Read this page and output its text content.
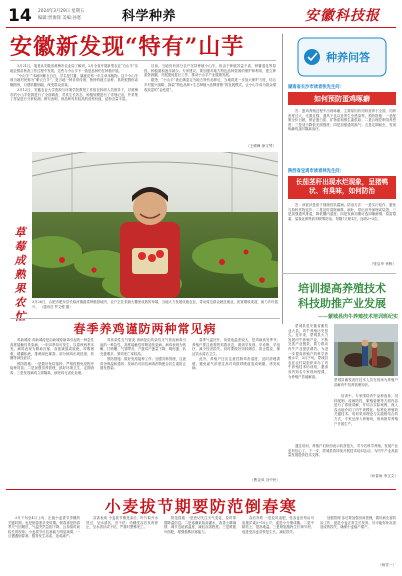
14 2024年3月29日 星期五
编辑:贾俊锋 美编:孙寒	科学种养	安徽科技报
安徽新发现“特有”山芋

3月21日，笔者从安徽省黄梅市农业局了解到，2月全省开展新型农业“白山芋”实地农情苗核查工作过程中发现，这些与小山芋不一致是品种仍在种植开展。

“小山芋”“本地叫紫衣白白，学名是甘薯，属旋花科一年生草本植物。这个小山芋被当地村民称为“紫衣白芋”，是当地一种非常传统、独特的地方品种，其块根圆形或椭圆形，口感软糯细腻，深受群众喜欢。

3月12日，安徽农业大学资源与环境学院教授工作组在科研人员指导下，对黄梅市的小山芋资源进行了全面调查，对其生长状态、种植规模进行了详细记录，并采集了样品进行分析检测。研究表明，该品种具有较高的营养价值，淀粉含量丰富。

目前，当地仍有部分农户坚持种植小山芋，但由于种植效益不高、种薯退化等原因，种植面积逐年减少。专家建议，要加强对地方特色品种资源的保护和利用，建立种质资源圃，开展提纯复壮工作，推动小山芋产业健康发展。

据悉，“小山芋”被正确鉴定为地方特有品种后，当地将进一步加大保护力度，结合乡村振兴战略，探索“特色品种+生态种植+品牌营销”的发展模式，让小山芋成为群众增收致富的“金疙瘩”。

（王俊峰 徐文琴）
草莓成熟果农忙
3月26日，合肥市肥东县长临河镇蔬菜种植基地内，农户正在采摘大棚里成熟的草莓，当地大力发展设施农业，带动周边群众就近就业，拓宽增收渠道，助力乡村振兴。 （通讯员 罗文俊 摄）
种养问答
湖南省长沙市读者张先生问：
如何预防蛋鸡啄癖

答：蛋鸡养殖过程中出现啄癖，主要原因有饲料营养不全面、饲养密度过大、光照过强、通风不良以及寄生虫感染等。预防措施：一是配制全价日粮，保证蛋白质、矿物质和维生素供给；二是合理控制饲养密度；三是适当降低光照强度；四是加强通风换气；五是定期驱虫，发现啄癖鸡及时隔离治疗。

陕西省宝鸡市读者林先生问：
长茄茎秆出现水烂现象，呈猪鸭状、有臭味，如何防治

答：该症状是茄子细菌性软腐病。防治方法：一是实行轮作，避免与茄科作物连作；二是及时清除病株、病叶，带出田外深埋或烧毁；三是加强通风排湿，降低棚内湿度；四是发病初期可选用噻菌铜、春雷霉素、氢氧化铜等药剂喷雾防治，每隔7天喷1次，连喷2~3次。

（张启华 审核）
培训提高养殖技术
科技助推产业发展
——蒙城县肉牛养殖技术培训班纪实

蒙城县是安徽省畜牧业大县，肉牛养殖历史悠久。近年来，蒙城县大力发展肉牛养殖产业，不断完善产业链条，着力推动肉牛产业提质增效。为进一步提高养殖户的科学养殖水平，3月下旬，蒙城县农业农村局组织举办了肉牛养殖技术培训班，邀请省内知名专家现场授课，为养殖户答疑解惑。

蒙城县畜牧兽医技术人员在现场为养殖户讲解肉牛饲养管理知识。

培训中，专家围绕肉牛品种选育、饲料配制、疫病防控、繁殖管理等方面内容进行了系统讲解，并结合实际案例，深入浅出地介绍了肉牛规模化、标准化养殖的关键技术。培训采用理论与实践相结合的方式，专家还深入养殖场，现场指导养殖户开展生产。

通过培训，养殖户们纷纷表示收获很大，对今后科学养殖、发展产业更有信心了。下一步，蒙城县将持续开展技术培训活动，为肉牛产业高质量发展提供技术支撑。

（孙春雨 李文文）
春季养鸡谨防两种常见病

鸡新城疫 鸡新城疫是由新城疫病毒引起的一种急性高度接触性传染病，一年四季均可发生，以春秋两季多发。病鸡表现为精神沉郁，食欲减退或废绝，呼吸困难，嗉囊积液，排黄绿色稀粪，部分病鸡出现扭颈、转圈等神经症状。

预防措施：一是做好免疫接种，严格按照免疫程序接种疫苗；二是加强饲养管理，搞好环境卫生，定期消毒；三是发现病鸡立即隔离，病死鸡无害化处理。

鸡传染性支气管炎 该病是由传染性支气管炎病毒引起的一种急性、高度接触性呼吸道传染病。病鸡表现为咳嗽、打喷嚏、气管啰音，产蛋鸡产蛋量下降，畸形蛋、软壳蛋增多。雏鸡死亡率较高。

预防措施：做好免疫接种工作；加强饲养管理，注意鸡舍保温和通风；发病后可用抗病毒药物配合抗生素防止继发感染。

春季气温回升，但昼夜温差较大，是鸡病高发季节。养殖户要注意观察鸡群状态，做到早发现、早诊断、早治疗，减少经济损失。同时要做好饲料储存，防止霉变，保证饮水清洁卫生。

此外，养殖户还应注意控制鸡舍湿度，及时清理粪便，避免氨气浓度过高对鸡群呼吸道造成刺激，诱发疾病。

（曹金凤 谷中民）
小麦拔节期要防范倒春寒

3月下旬至4月上旬，正值小麦拔节孕穗的关键时期，也是倒春寒多发时期。倒春寒是指春季天气回暖后，气温突然急剧下降，且持续时间较长的现象。小麦拔节后抗寒能力明显减弱，一旦遭遇倒春寒，极易发生冻害，造成减产。

冻害表现 小麦拔节期受冻后，叶片似开水烫过，呈水渍状，后干枯；幼穗受冻后发育停止，呈水渍状或干枯，严重时整株死亡。

防范措施 一是密切关注天气变化，及时掌握降温信息。二是寒潮来临前灌水，改善土壤墒情，调节近地面温度，减轻冻害程度。三是喷施叶面肥，增强植株抗寒能力。

冻后补救 一是及时追肥，受冻麦田每亩可追施尿素5~10公斤，促进小分蘖成穗。二是中耕松土，提高地温。三是喷施植物生长调节剂，促进受冻麦苗恢复生长，减轻损失。

加强管理 冻后要加强田间管理，做好病虫害防治工作，促进小麦正常生长发育，尽可能弥补冻害造成的损失，确保小麦稳产增产。

（杨雪一）
